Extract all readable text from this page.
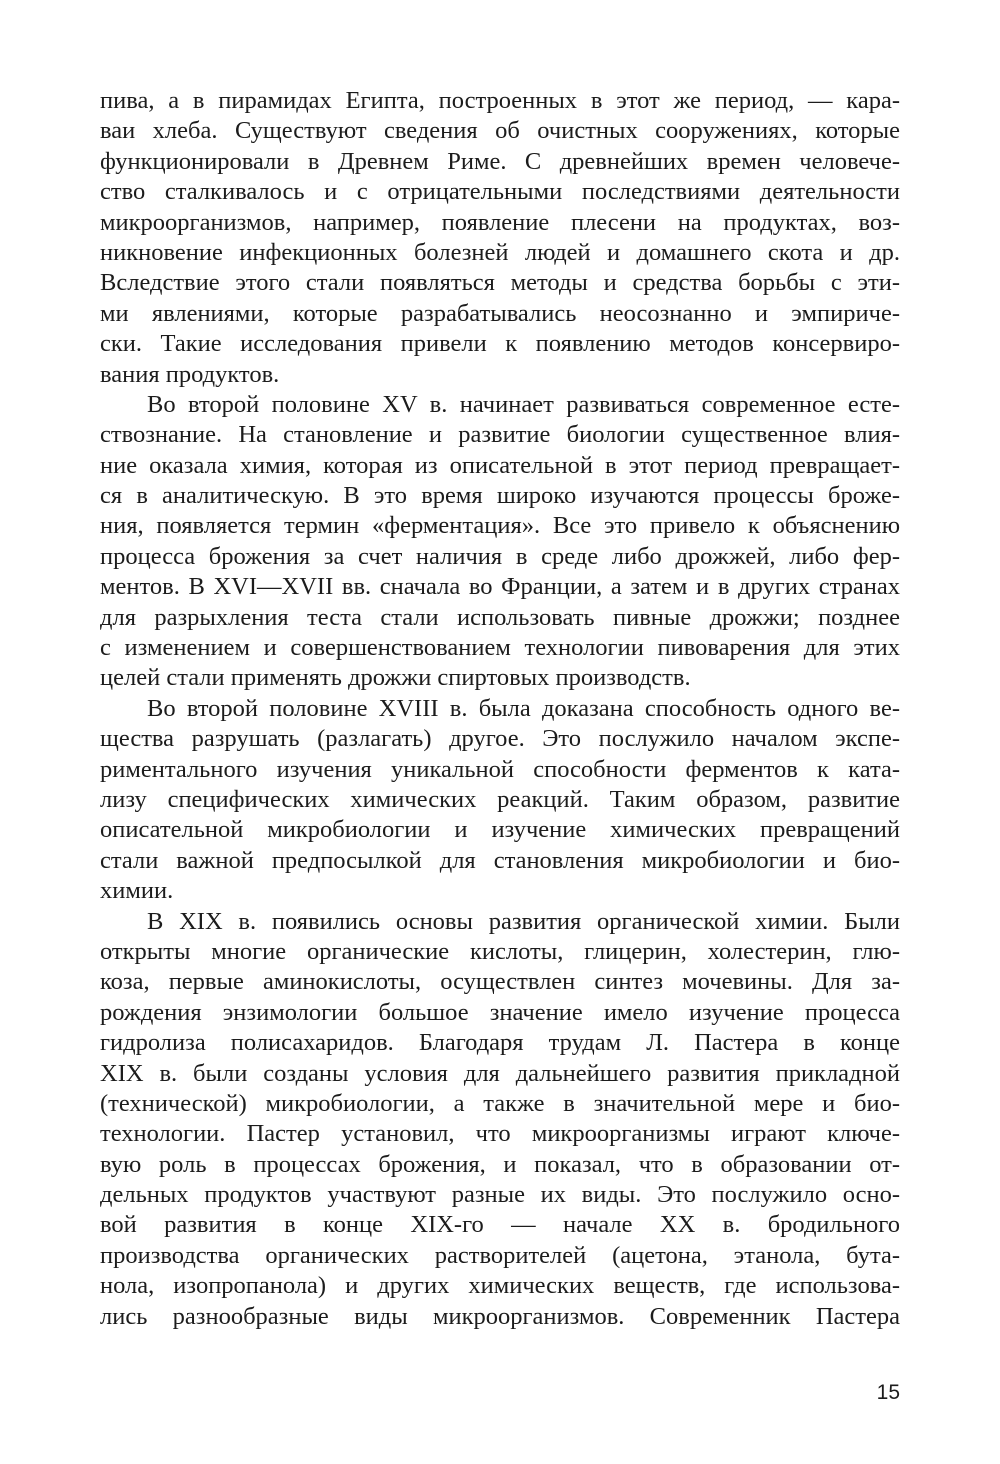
пива, а в пирамидах Египта, построенных в этот же период, — кара-
ваи хлеба. Существуют сведения об очистных сооружениях, которые
функционировали в Древнем Риме. С древнейших времен человече-
ство сталкивалось и с отрицательными последствиями деятельности
микроорганизмов, например, появление плесени на продуктах, воз-
никновение инфекционных болезней людей и домашнего скота и др.
Вследствие этого стали появляться методы и средства борьбы с эти-
ми явлениями, которые разрабатывались неосознанно и эмпириче-
ски. Такие исследования привели к появлению методов консервиро-
вания продуктов.
Во второй половине XV в. начинает развиваться современное есте-
ствознание. На становление и развитие биологии существенное влия-
ние оказала химия, которая из описательной в этот период превращает-
ся в аналитическую. В это время широко изучаются процессы броже-
ния, появляется термин «ферментация». Все это привело к объяснению
процесса брожения за счет наличия в среде либо дрожжей, либо фер-
ментов. В XVI—XVII вв. сначала во Франции, а затем и в других странах
для разрыхления теста стали использовать пивные дрожжи; позднее
с изменением и совершенствованием технологии пивоварения для этих
целей стали применять дрожжи спиртовых производств.
Во второй половине XVIII в. была доказана способность одного ве-
щества разрушать (разлагать) другое. Это послужило началом экспе-
риментального изучения уникальной способности ферментов к ката-
лизу специфических химических реакций. Таким образом, развитие
описательной микробиологии и изучение химических превращений
стали важной предпосылкой для становления микробиологии и био-
химии.
В XIX в. появились основы развития органической химии. Были
открыты многие органические кислоты, глицерин, холестерин, глю-
коза, первые аминокислоты, осуществлен синтез мочевины. Для за-
рождения энзимологии большое значение имело изучение процесса
гидролиза полисахаридов. Благодаря трудам Л. Пастера в конце
XIX в. были созданы условия для дальнейшего развития прикладной
(технической) микробиологии, а также в значительной мере и био-
технологии. Пастер установил, что микроорганизмы играют ключе-
вую роль в процессах брожения, и показал, что в образовании от-
дельных продуктов участвуют разные их виды. Это послужило осно-
вой развития в конце XIX-го — начале XX в. бродильного
производства органических растворителей (ацетона, этанола, бута-
нола, изопропанола) и других химических веществ, где использова-
лись разнообразные виды микроорганизмов. Современник Пастера
15
